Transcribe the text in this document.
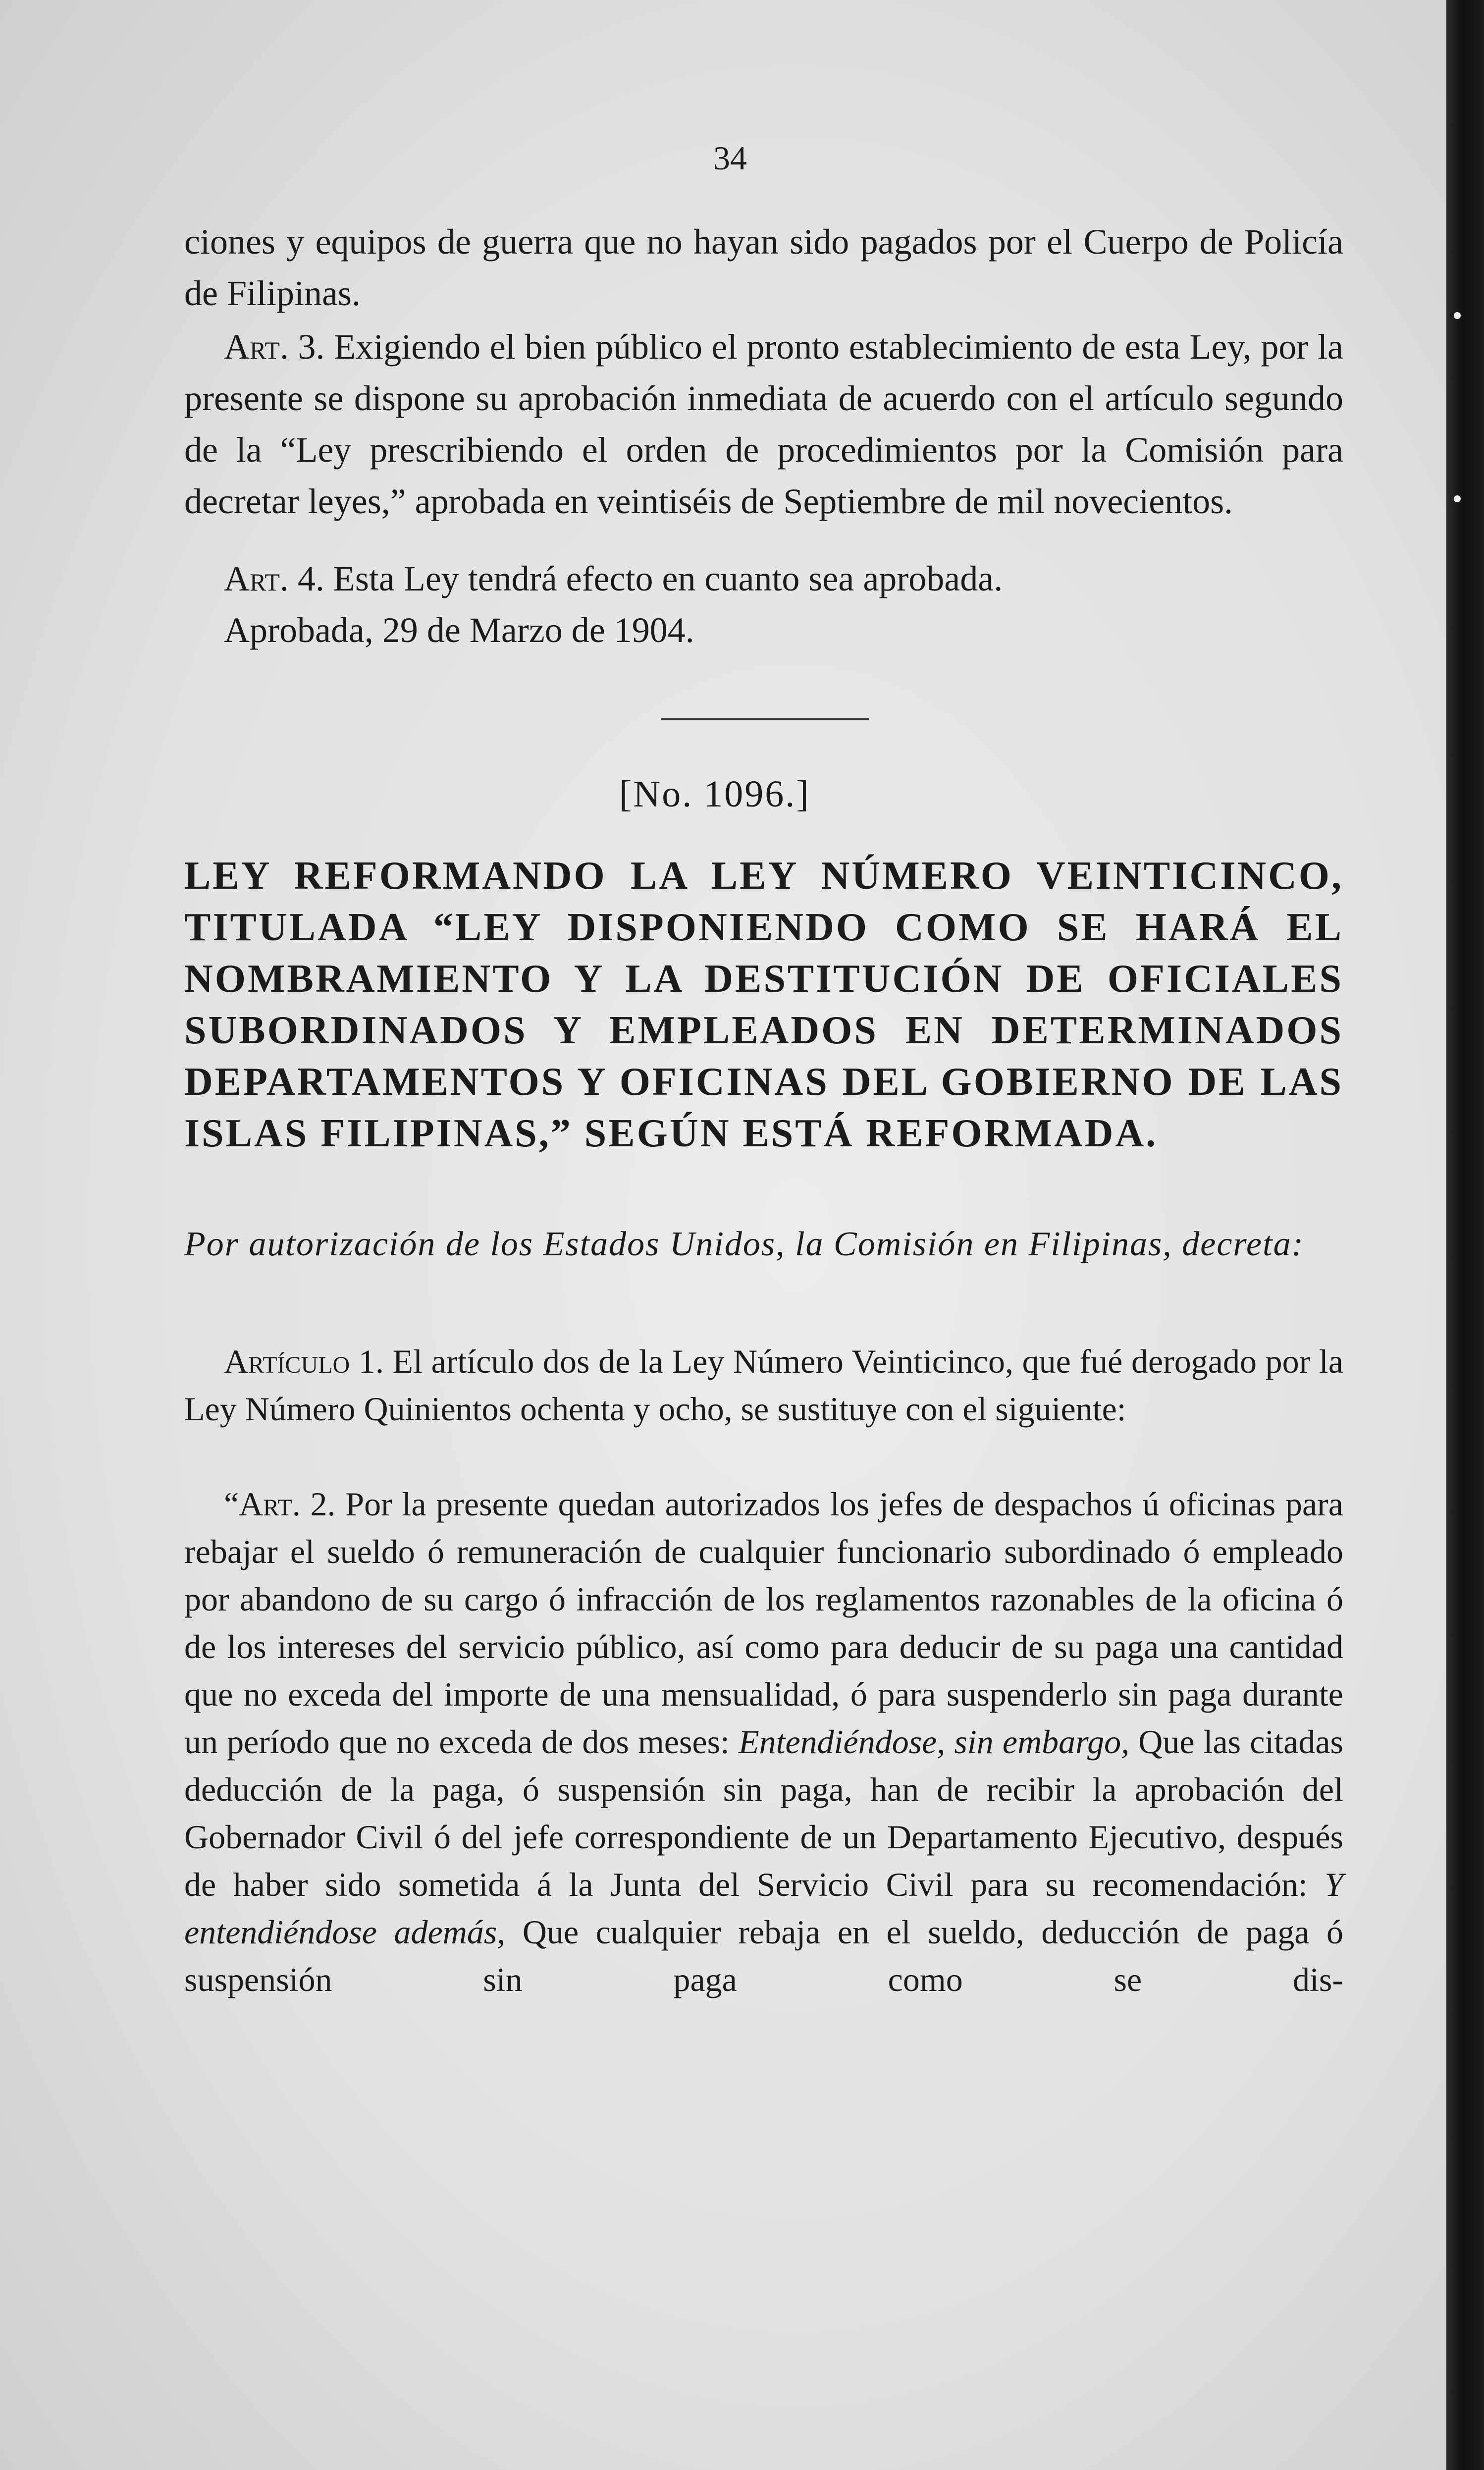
34
ciones y equipos de guerra que no hayan sido pagados por el Cuerpo de Policía de Filipinas.
Art. 3. Exigiendo el bien público el pronto establecimiento de esta Ley, por la presente se dispone su aprobación inmediata de acuerdo con el artículo segundo de la “Ley prescribiendo el orden de procedimientos por la Comisión para decretar leyes,” aprobada en veintiséis de Septiembre de mil novecientos.
Art. 4. Esta Ley tendrá efecto en cuanto sea aprobada.
Aprobada, 29 de Marzo de 1904.
[No. 1096.]
LEY REFORMANDO LA LEY NÚMERO VEINTICINCO, TITULADA “LEY DISPONIENDO COMO SE HARÁ EL NOMBRAMIENTO Y LA DESTITUCIÓN DE OFICIALES SUBORDINADOS Y EMPLEADOS EN DETERMINADOS DEPARTAMENTOS Y OFICINAS DEL GOBIERNO DE LAS ISLAS FILIPINAS,” SEGÚN ESTÁ REFORMADA.
Por autorización de los Estados Unidos, la Comisión en Filipinas, decreta:
Artículo 1. El artículo dos de la Ley Número Veinticinco, que fué derogado por la Ley Número Quinientos ochenta y ocho, se sustituye con el siguiente:
“Art. 2. Por la presente quedan autorizados los jefes de despachos ú oficinas para rebajar el sueldo ó remuneración de cualquier funcionario subordinado ó empleado por abandono de su cargo ó infracción de los reglamentos razonables de la oficina ó de los intereses del servicio público, así como para deducir de su paga una cantidad que no exceda del importe de una mensualidad, ó para suspenderlo sin paga durante un período que no exceda de dos meses: Entendiéndose, sin embargo, Que las citadas deducción de la paga, ó suspensión sin paga, han de recibir la aprobación del Gobernador Civil ó del jefe correspondiente de un Departamento Ejecutivo, después de haber sido sometida á la Junta del Servicio Civil para su recomendación: Y entendiéndose además, Que cualquier rebaja en el sueldo, deducción de paga ó suspensión sin paga como se dis-
